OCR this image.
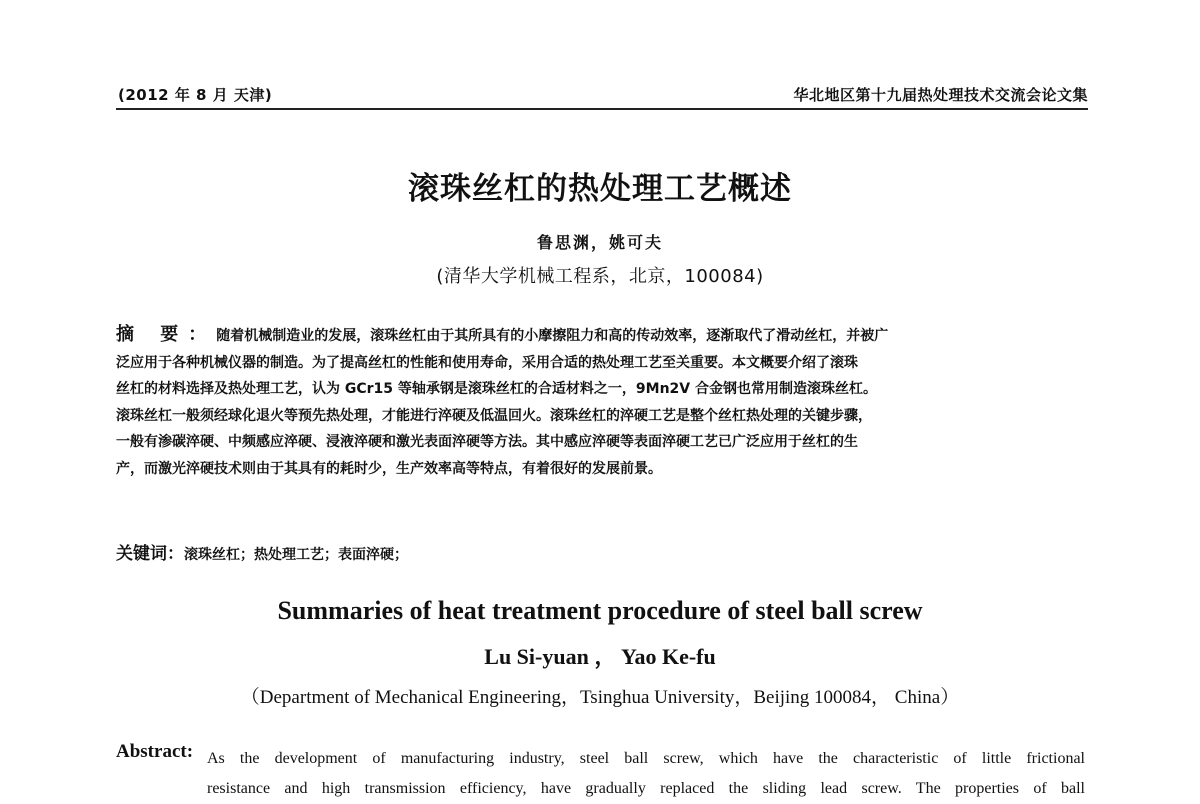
(2012 年 8 月 天津)	华北地区第十九届热处理技术交流会论文集
滚珠丝杠的热处理工艺概述
鲁思渊，姚可夫
(清华大学机械工程系，北京，100084)
摘 要：随着机械制造业的发展，滚珠丝杠由于其所具有的小摩擦阻力和高的传动效率，逐渐取代了滑动丝杠，并被广
泛应用于各种机械仪器的制造。为了提高丝杠的性能和使用寿命，采用合适的热处理工艺至关重要。本文概要介绍了滚珠
丝杠的材料选择及热处理工艺，认为 GCr15 等轴承钢是滚珠丝杠的合适材料之一，9Mn2V 合金钢也常用制造滚珠丝杠。
滚珠丝杠一般须经球化退火等预先热处理，才能进行淬硬及低温回火。滚珠丝杠的淬硬工艺是整个丝杠热处理的关键步骤，
一般有渗碳淬硬、中频感应淬硬、浸液淬硬和激光表面淬硬等方法。其中感应淬硬等表面淬硬工艺已广泛应用于丝杠的生
产，而激光淬硬技术则由于其具有的耗时少，生产效率高等特点，有着很好的发展前景。
关键词：滚珠丝杠；热处理工艺；表面淬硬；
Summaries of heat treatment procedure of steel ball screw
Lu Si-yuan ， Yao Ke-fu
（Department of Mechanical Engineering，Tsinghua University，Beijing 100084， China）
Abstract: As the development of manufacturing industry, steel ball screw, which have the characteristic of little frictional
resistance and high transmission efficiency, have gradually replaced the sliding lead screw. The properties of ball
